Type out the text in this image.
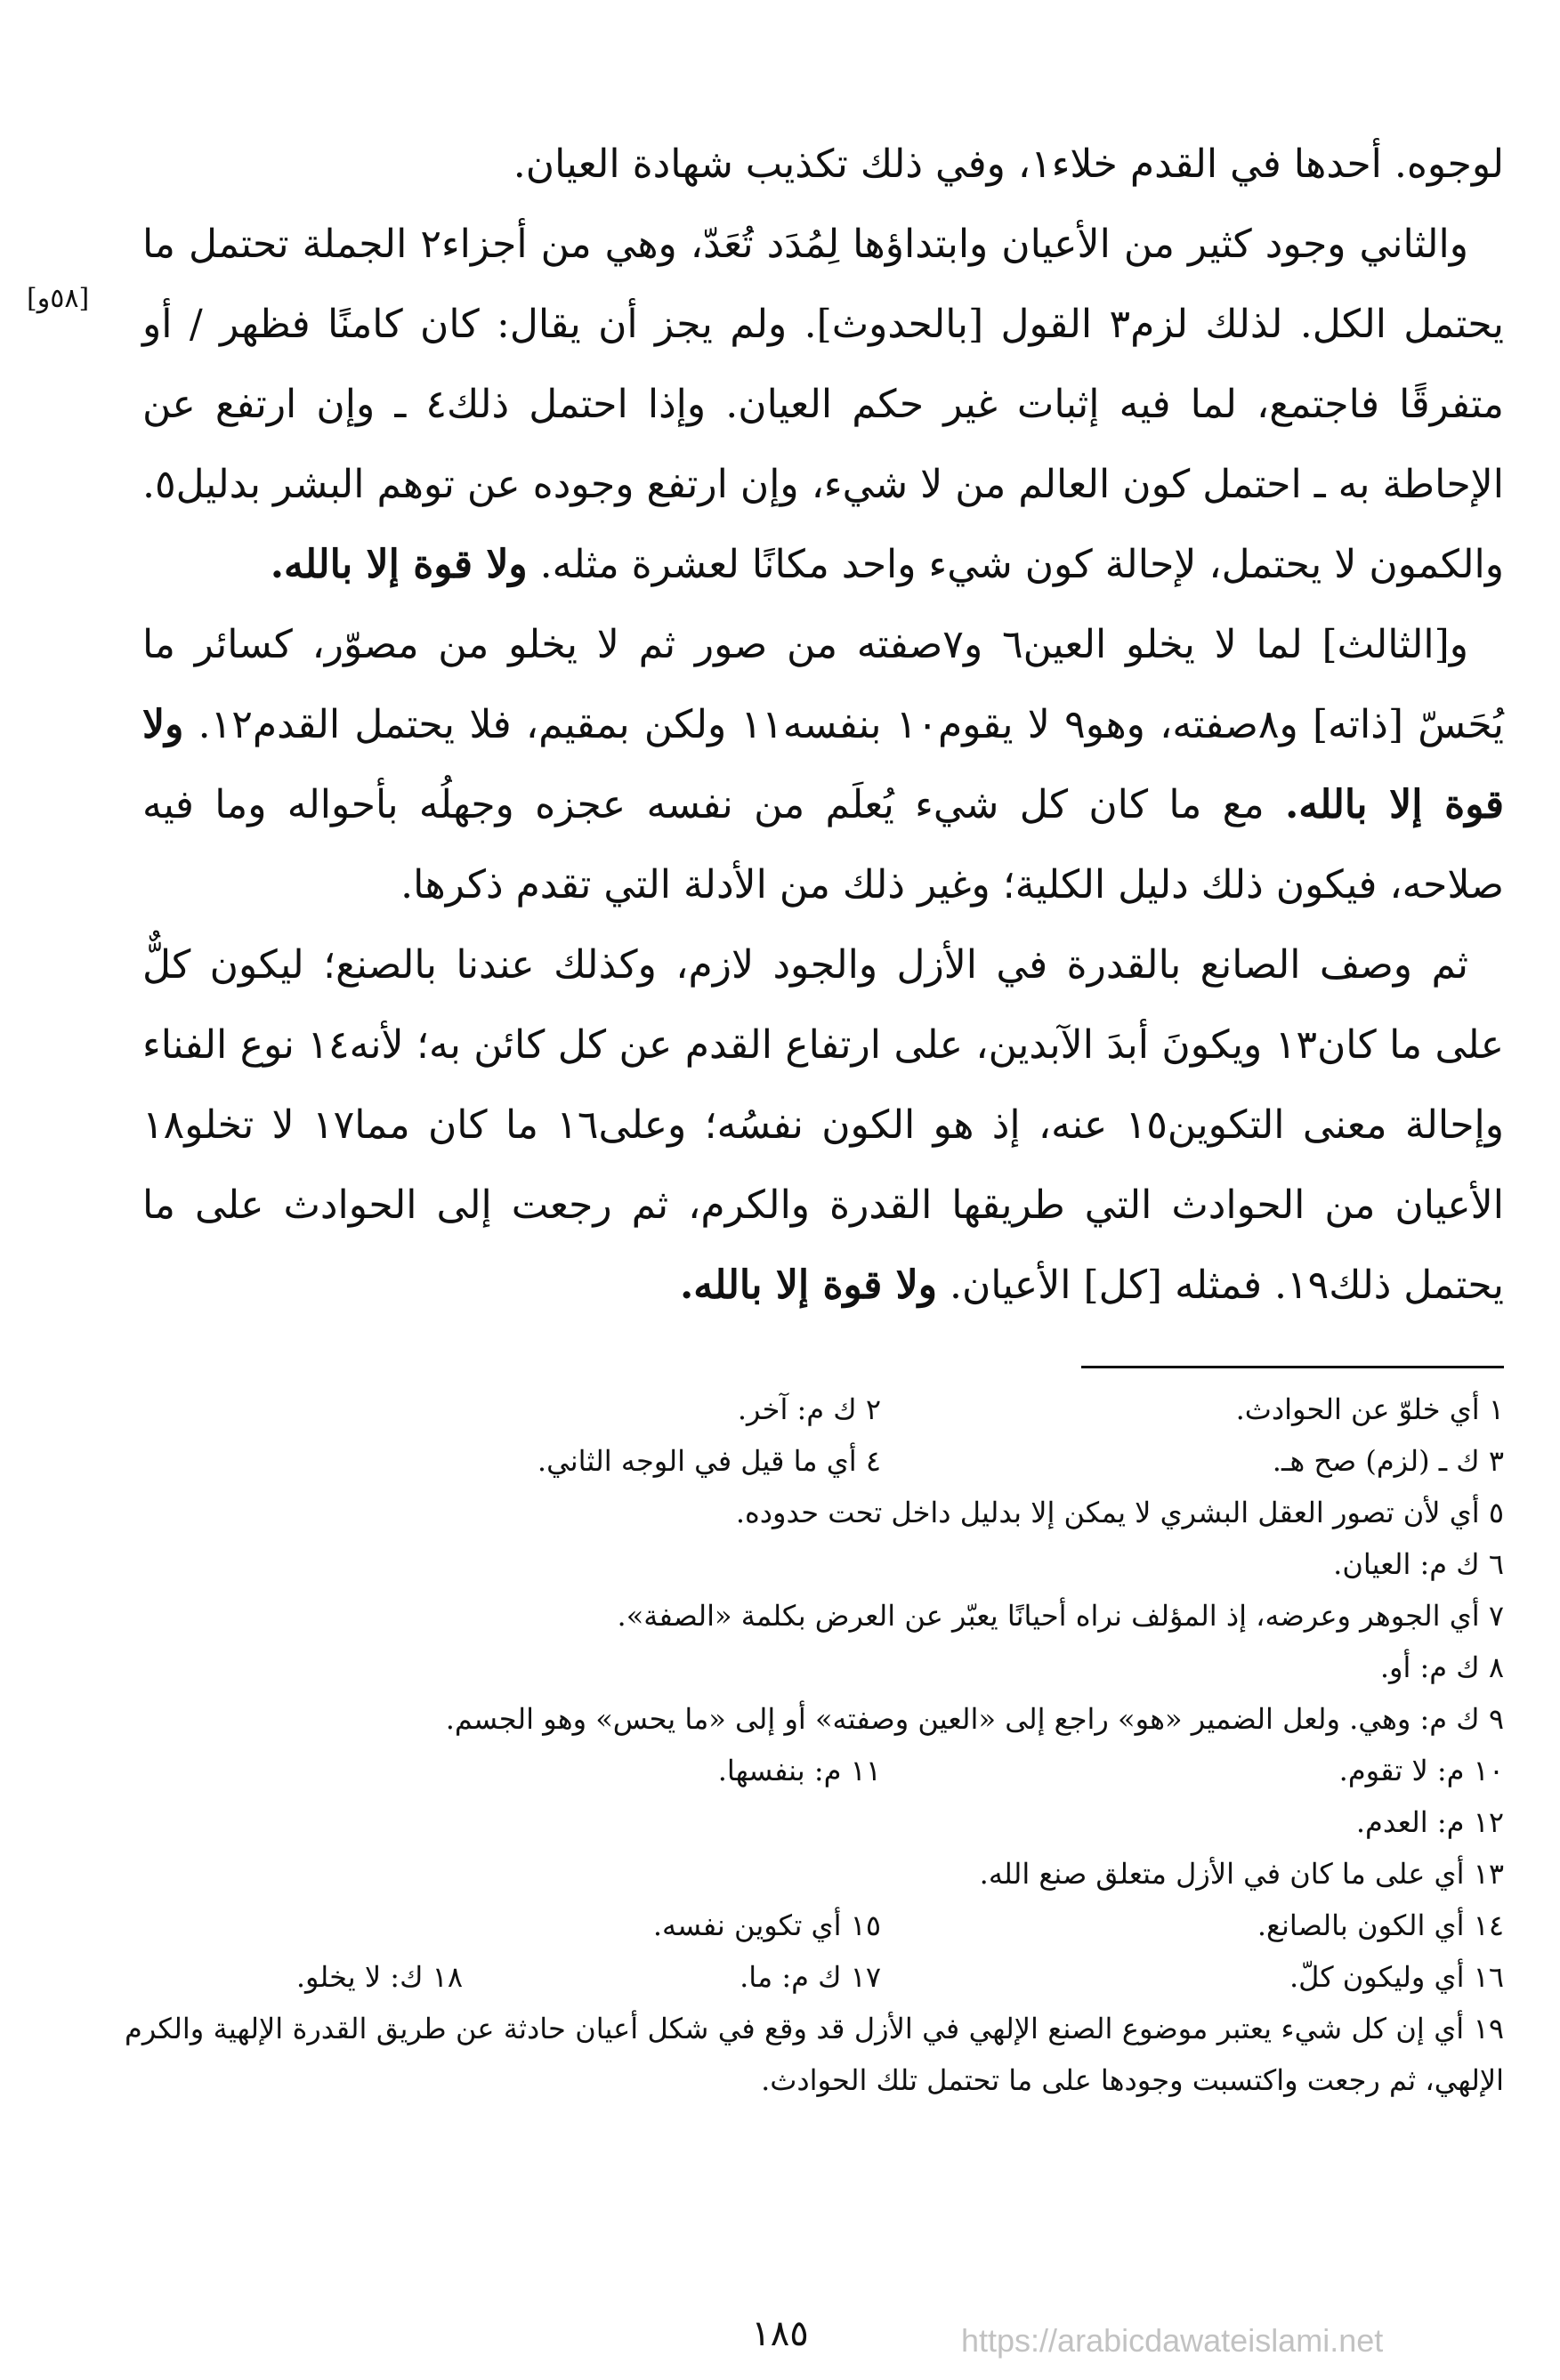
[٥٨و]

لوجوه. أحدها في القدم خلاء١، وفي ذلك تكذيب شهادة العيان.

والثاني وجود كثير من الأعيان وابتداؤها لِمُدَد تُعَدّ، وهي من أجزاء٢ الجملة تحتمل ما يحتمل الكل. لذلك لزم٣ القول [بالحدوث]. ولم يجز أن يقال: كان كامنًا فظهر / أو متفرقًا فاجتمع، لما فيه إثبات غير حكم العيان. وإذا احتمل ذلك٤ ـ وإن ارتفع عن الإحاطة به ـ احتمل كون العالم من لا شيء، وإن ارتفع وجوده عن توهم البشر بدليل٥. والكمون لا يحتمل، لإحالة كون شيء واحد مكانًا لعشرة مثله. ولا قوة إلا بالله.

و[الثالث] لما لا يخلو العين٦ و٧صفته من صور ثم لا يخلو من مصوّر، كسائر ما يُحَسّ [ذاته] و٨صفته، وهو٩ لا يقوم١٠ بنفسه١١ ولكن بمقيم، فلا يحتمل القدم١٢. ولا قوة إلا بالله. مع ما كان كل شيء يُعلَم من نفسه عجزه وجهلُه بأحواله وما فيه صلاحه، فيكون ذلك دليل الكلية؛ وغير ذلك من الأدلة التي تقدم ذكرها.

ثم وصف الصانع بالقدرة في الأزل والجود لازم، وكذلك عندنا بالصنع؛ ليكون كلٌّ على ما كان١٣ ويكونَ أبدَ الآبدين، على ارتفاع القدم عن كل كائن به؛ لأنه١٤ نوع الفناء وإحالة معنى التكوين١٥ عنه، إذ هو الكون نفسُه؛ وعلى١٦ ما كان مما١٧ لا تخلو١٨ الأعيان من الحوادث التي طريقها القدرة والكرم، ثم رجعت إلى الحوادث على ما يحتمل ذلك١٩. فمثله [كل] الأعيان. ولا قوة إلا بالله.

١ أي خلوّ عن الحوادث.
٢ ك م: آخر.
٣ ك ـ (لزم) صح هـ.
٤ أي ما قيل في الوجه الثاني.
٥ أي لأن تصور العقل البشري لا يمكن إلا بدليل داخل تحت حدوده.
٦ ك م: العيان.
٧ أي الجوهر وعرضه، إذ المؤلف نراه أحيانًا يعبّر عن العرض بكلمة «الصفة».
٨ ك م: أو.
٩ ك م: وهي. ولعل الضمير «هو» راجع إلى «العين وصفته» أو إلى «ما يحس» وهو الجسم.
١٠ م: لا تقوم.
١١ م: بنفسها.
١٢ م: العدم.
١٣ أي على ما كان في الأزل متعلق صنع الله.
١٤ أي الكون بالصانع.
١٥ أي تكوين نفسه.
١٦ أي وليكون كلّ.
١٧ ك م: ما.
١٨ ك: لا يخلو.
١٩ أي إن كل شيء يعتبر موضوع الصنع الإلهي في الأزل قد وقع في شكل أعيان حادثة عن طريق القدرة الإلهية والكرم الإلهي، ثم رجعت واكتسبت وجودها على ما تحتمل تلك الحوادث.
١٨٥	https://arabicdawateislami.net
